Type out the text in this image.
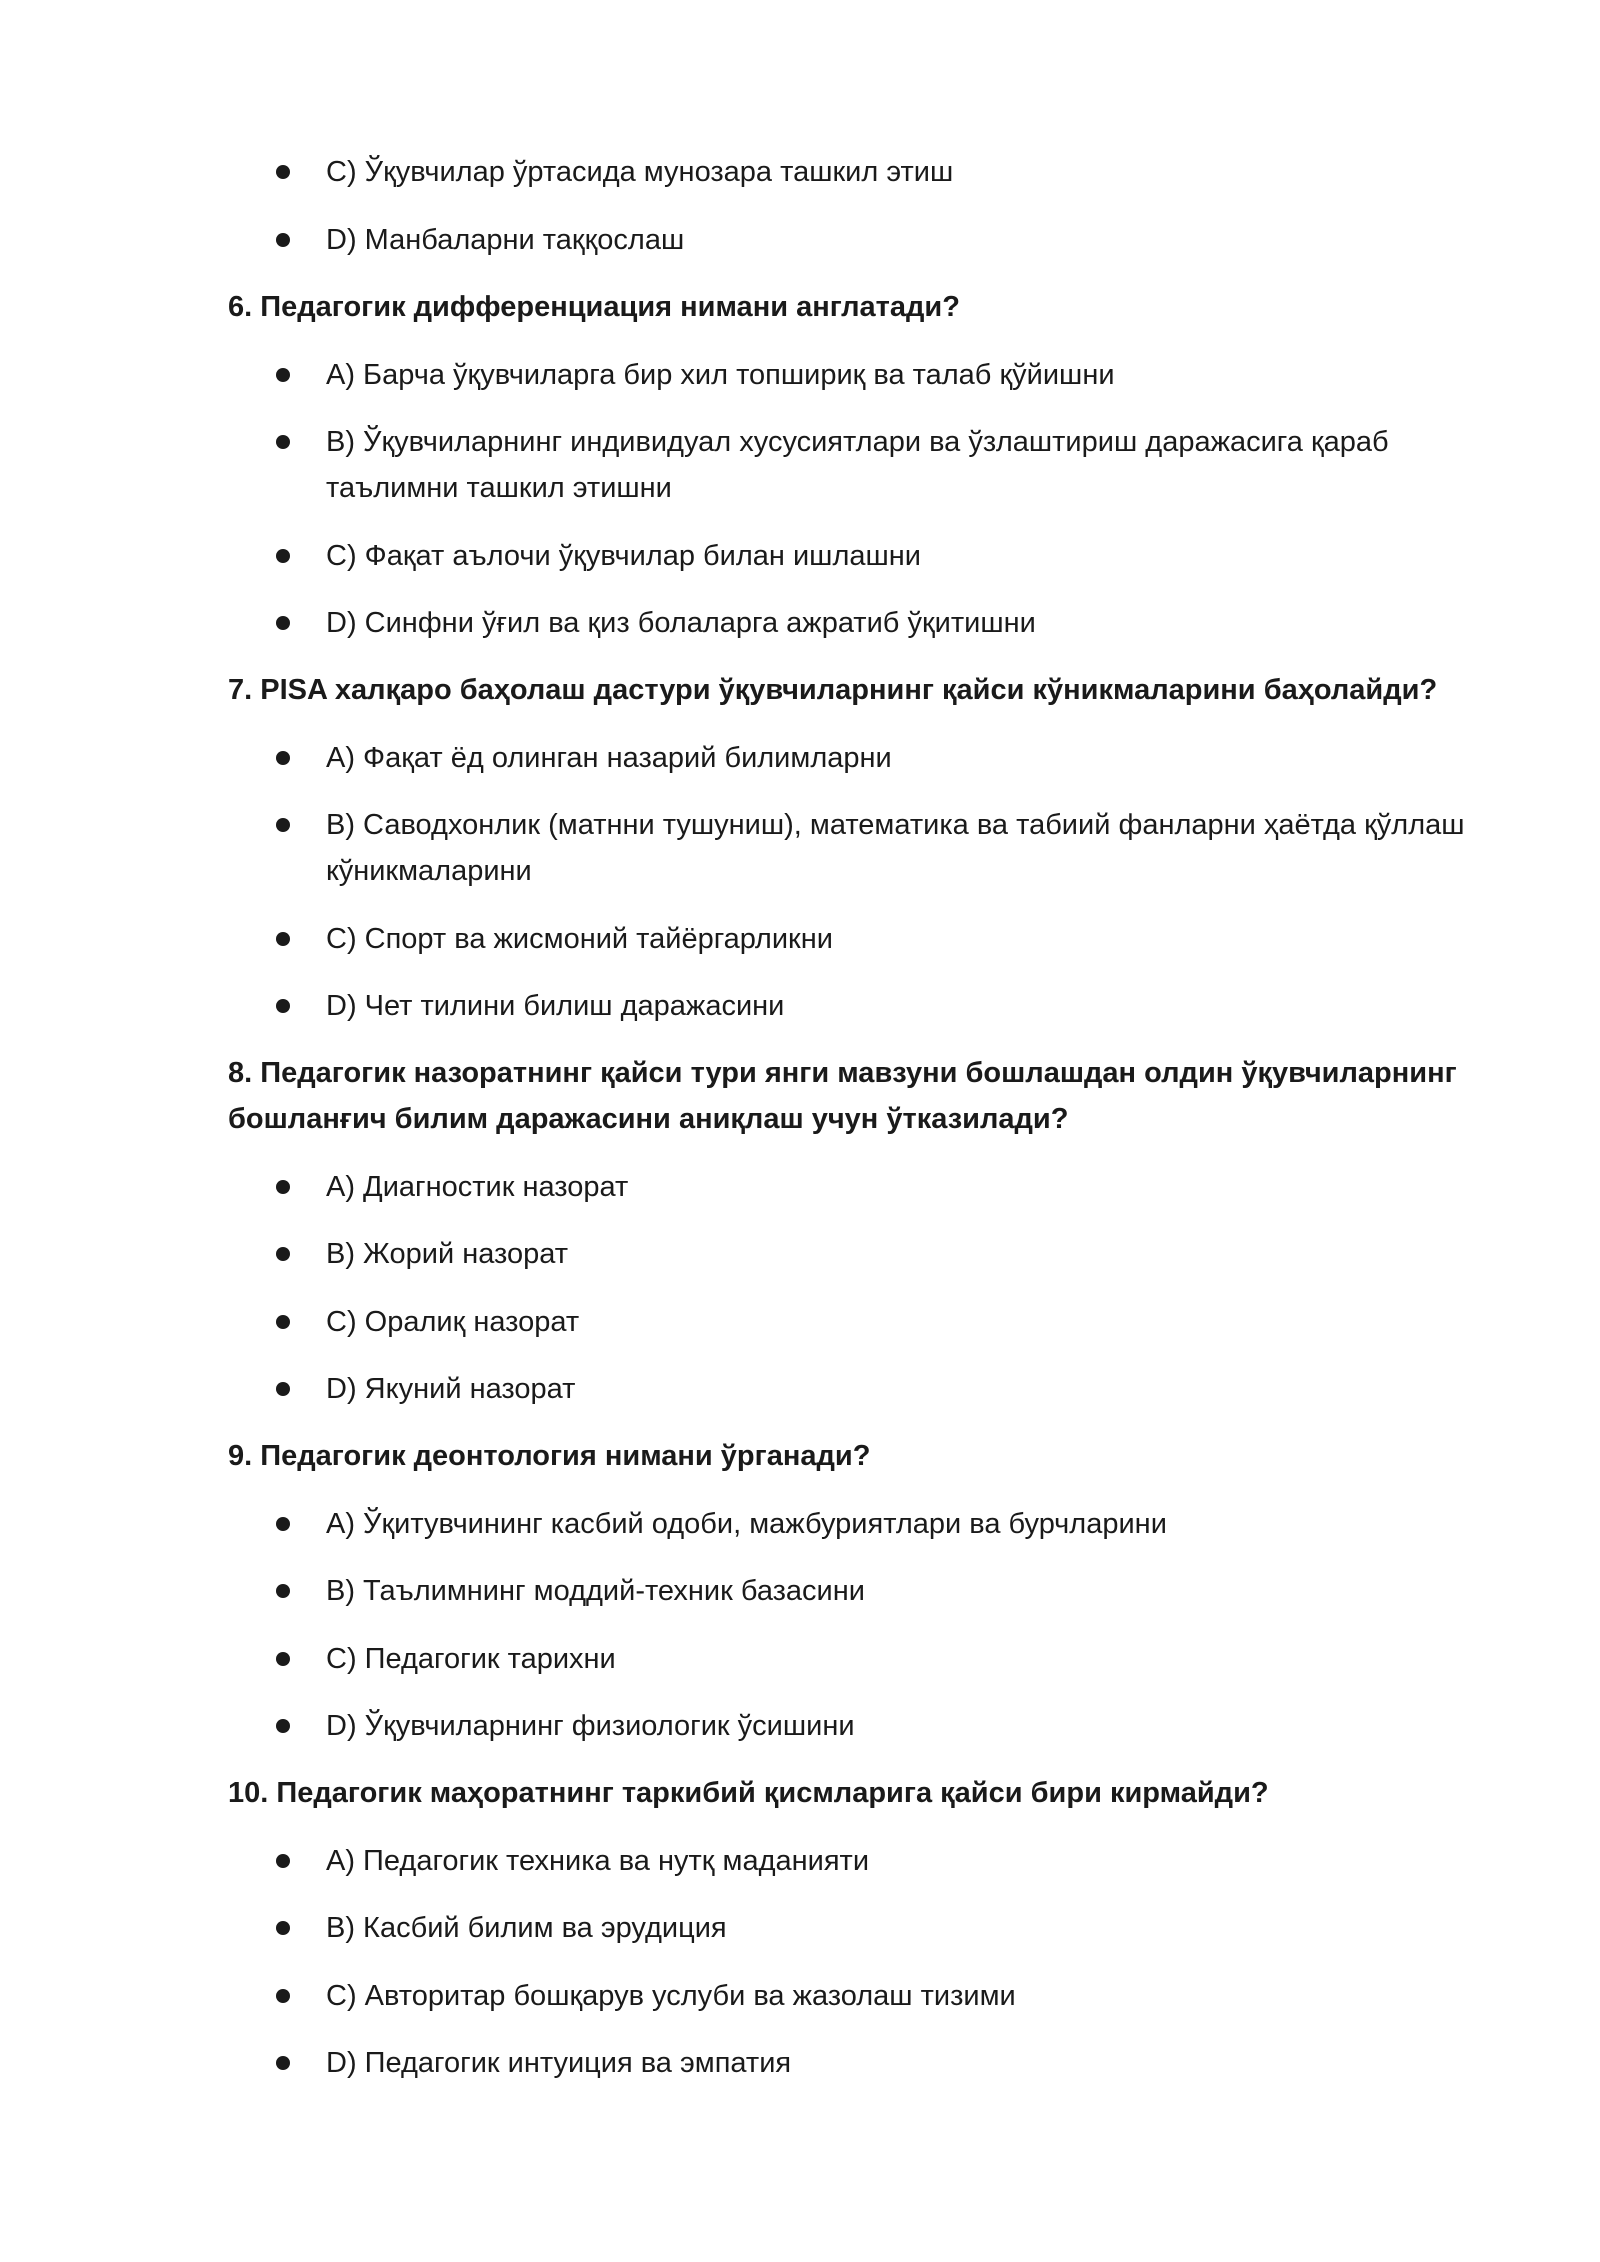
C) Ўқувчилар ўртасида мунозара ташкил этиш
D) Манбаларни таққослаш
6. Педагогик дифференциация нимани англатади?
A) Барча ўқувчиларга бир хил топшириқ ва талаб қўйишни
B) Ўқувчиларнинг индивидуал хусусиятлари ва ўзлаштириш даражасига қараб
таълимни ташкил этишни
C) Фақат аълочи ўқувчилар билан ишлашни
D) Синфни ўғил ва қиз болаларга ажратиб ўқитишни
7. PISA халқаро баҳолаш дастури ўқувчиларнинг қайси кўникмаларини баҳолайди?
A) Фақат ёд олинган назарий билимларни
B) Саводхонлик (матнни тушуниш), математика ва табиий фанларни ҳаётда қўллаш
кўникмаларини
C) Спорт ва жисмоний тайёргарликни
D) Чет тилини билиш даражасини
8. Педагогик назоратнинг қайси тури янги мавзуни бошлашдан олдин ўқувчиларнинг
бошланғич билим даражасини аниқлаш учун ўтказилади?
A) Диагностик назорат
B) Жорий назорат
C) Оралиқ назорат
D) Якуний назорат
9. Педагогик деонтология нимани ўрганади?
A) Ўқитувчининг касбий одоби, мажбуриятлари ва бурчларини
B) Таълимнинг моддий-техник базасини
C) Педагогик тарихни
D) Ўқувчиларнинг физиологик ўсишини
10. Педагогик маҳоратнинг таркибий қисмларига қайси бири кирмайди?
A) Педагогик техника ва нутқ маданияти
B) Касбий билим ва эрудиция
C) Авторитар бошқарув услуби ва жазолаш тизими
D) Педагогик интуиция ва эмпатия
